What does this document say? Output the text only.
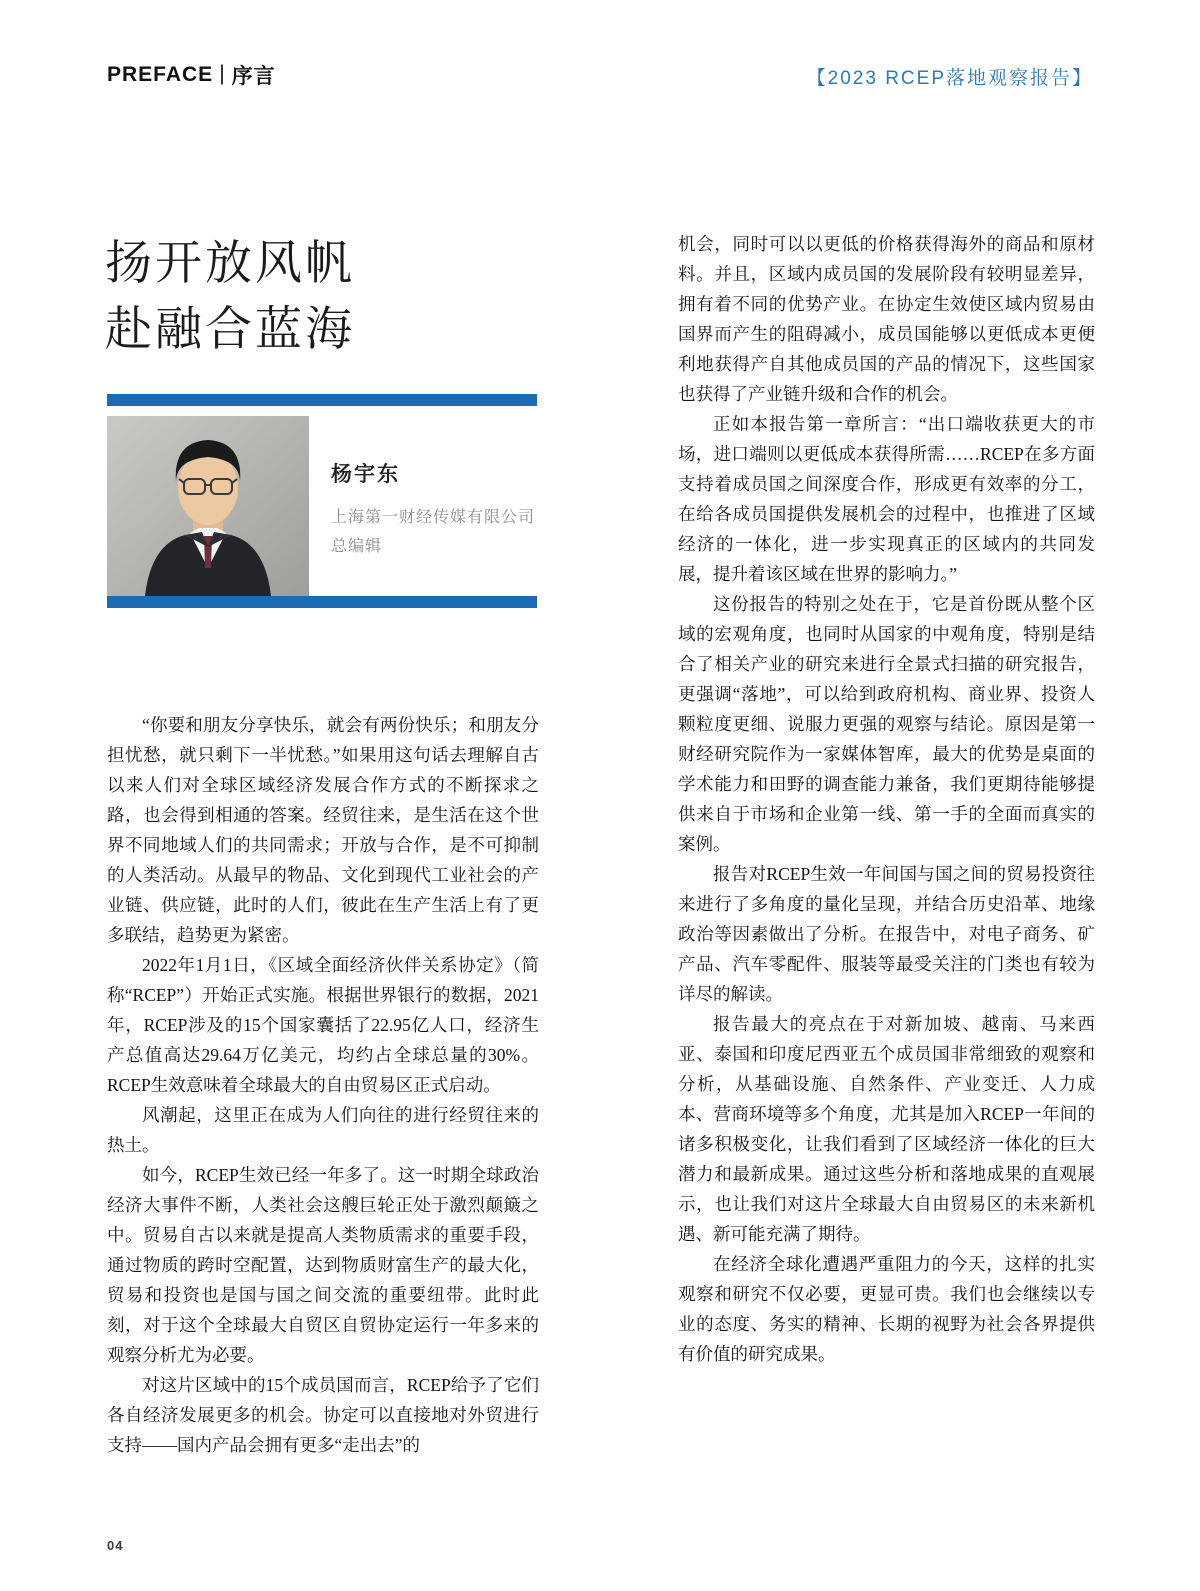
PREFACE | 序言	【2023 RCEP落地观察报告】
扬开放风帆
赴融合蓝海
杨宇东
上海第一财经传媒有限公司
总编辑

“你要和朋友分享快乐，就会有两份快乐；和朋友分担忧愁，就只剩下一半忧愁。”如果用这句话去理解自古以来人们对全球区域经济发展合作方式的不断探求之路，也会得到相通的答案。经贸往来，是生活在这个世界不同地域人们的共同需求；开放与合作，是不可抑制的人类活动。从最早的物品、文化到现代工业社会的产业链、供应链，此时的人们，彼此在生产生活上有了更多联结，趋势更为紧密。

2022年1月1日，《区域全面经济伙伴关系协定》（简称“RCEP”）开始正式实施。根据世界银行的数据，2021年，RCEP涉及的15个国家囊括了22.95亿人口，经济生产总值高达29.64万亿美元，均约占全球总量的30%。RCEP生效意味着全球最大的自由贸易区正式启动。

风潮起，这里正在成为人们向往的进行经贸往来的热土。

如今，RCEP生效已经一年多了。这一时期全球政治经济大事件不断，人类社会这艘巨轮正处于激烈颠簸之中。贸易自古以来就是提高人类物质需求的重要手段，通过物质的跨时空配置，达到物质财富生产的最大化，贸易和投资也是国与国之间交流的重要纽带。此时此刻，对于这个全球最大自贸区自贸协定运行一年多来的观察分析尤为必要。

对这片区域中的15个成员国而言，RCEP给予了它们各自经济发展更多的机会。协定可以直接地对外贸进行支持——国内产品会拥有更多“走出去”的

机会，同时可以以更低的价格获得海外的商品和原材料。并且，区域内成员国的发展阶段有较明显差异，拥有着不同的优势产业。在协定生效使区域内贸易由国界而产生的阻碍减小，成员国能够以更低成本更便利地获得产自其他成员国的产品的情况下，这些国家也获得了产业链升级和合作的机会。

正如本报告第一章所言：“出口端收获更大的市场，进口端则以更低成本获得所需……RCEP在多方面支持着成员国之间深度合作，形成更有效率的分工，在给各成员国提供发展机会的过程中，也推进了区域经济的一体化，进一步实现真正的区域内的共同发展，提升着该区域在世界的影响力。”

这份报告的特别之处在于，它是首份既从整个区域的宏观角度，也同时从国家的中观角度，特别是结合了相关产业的研究来进行全景式扫描的研究报告，更强调“落地”，可以给到政府机构、商业界、投资人颗粒度更细、说服力更强的观察与结论。原因是第一财经研究院作为一家媒体智库，最大的优势是桌面的学术能力和田野的调查能力兼备，我们更期待能够提供来自于市场和企业第一线、第一手的全面而真实的案例。

报告对RCEP生效一年间国与国之间的贸易投资往来进行了多角度的量化呈现，并结合历史沿革、地缘政治等因素做出了分析。在报告中，对电子商务、矿产品、汽车零配件、服装等最受关注的门类也有较为详尽的解读。

报告最大的亮点在于对新加坡、越南、马来西亚、泰国和印度尼西亚五个成员国非常细致的观察和分析，从基础设施、自然条件、产业变迁、人力成本、营商环境等多个角度，尤其是加入RCEP一年间的诸多积极变化，让我们看到了区域经济一体化的巨大潜力和最新成果。通过这些分析和落地成果的直观展示，也让我们对这片全球最大自由贸易区的未来新机遇、新可能充满了期待。

在经济全球化遭遇严重阻力的今天，这样的扎实观察和研究不仅必要，更显可贵。我们也会继续以专业的态度、务实的精神、长期的视野为社会各界提供有价值的研究成果。

04
